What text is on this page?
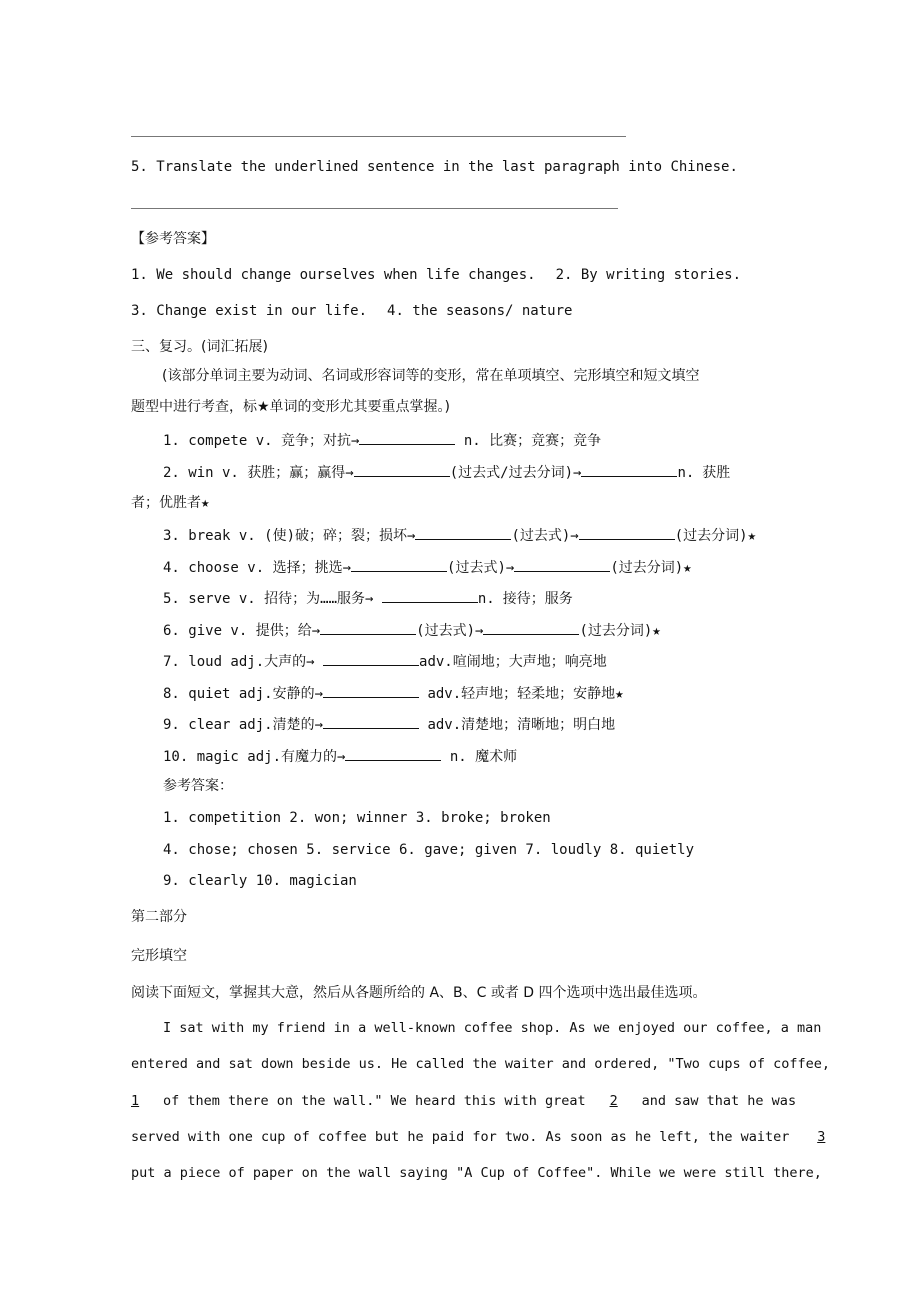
5. Translate the underlined sentence in the last paragraph into Chinese.
【参考答案】
1. We should change ourselves when life changes. 2. By writing stories.
3. Change exist in our life. 4. the seasons/ nature
三、复习。(词汇拓展)
(该部分单词主要为动词、名词或形容词等的变形，常在单项填空、完形填空和短文填空
题型中进行考查，标★单词的变形尤其要重点掌握。)
1. compete v. 竞争；对抗→	n. 比赛；竞赛；竞争
2. win v. 获胜；赢；赢得→	(过去式/过去分词)→	n. 获胜
者；优胜者★
3. break v. (使)破；碎；裂；损坏→	(过去式)→	(过去分词)★
4. choose v. 选择；挑选→	(过去式)→	(过去分词)★
5. serve v. 招待；为……服务→	n. 接待；服务
6. give v. 提供；给→	(过去式)→	(过去分词)★
7. loud adj.大声的→	adv.喧闹地；大声地；响亮地
8. quiet adj.安静的→	adv.轻声地；轻柔地；安静地★
9. clear adj.清楚的→	adv.清楚地；清晰地；明白地
10. magic adj.有魔力的→	n. 魔术师
参考答案：
1. competition 2. won; winner 3. broke; broken
4. chose; chosen 5. service 6. gave; given 7. loudly 8. quietly
9. clearly 10. magician
第二部分
完形填空
阅读下面短文，掌握其大意，然后从各题所给的 A、B、C 或者 D 四个选项中选出最佳选项。
I sat with my friend in a well-known coffee shop. As we enjoyed our coffee, a man
entered and sat down beside us. He called the waiter and ordered, "Two cups of coffee,
1 of them there on the wall." We heard this with great 2 and saw that he was
served with one cup of coffee but he paid for two. As soon as he left, the waiter 3
put a piece of paper on the wall saying "A Cup of Coffee". While we were still there,
